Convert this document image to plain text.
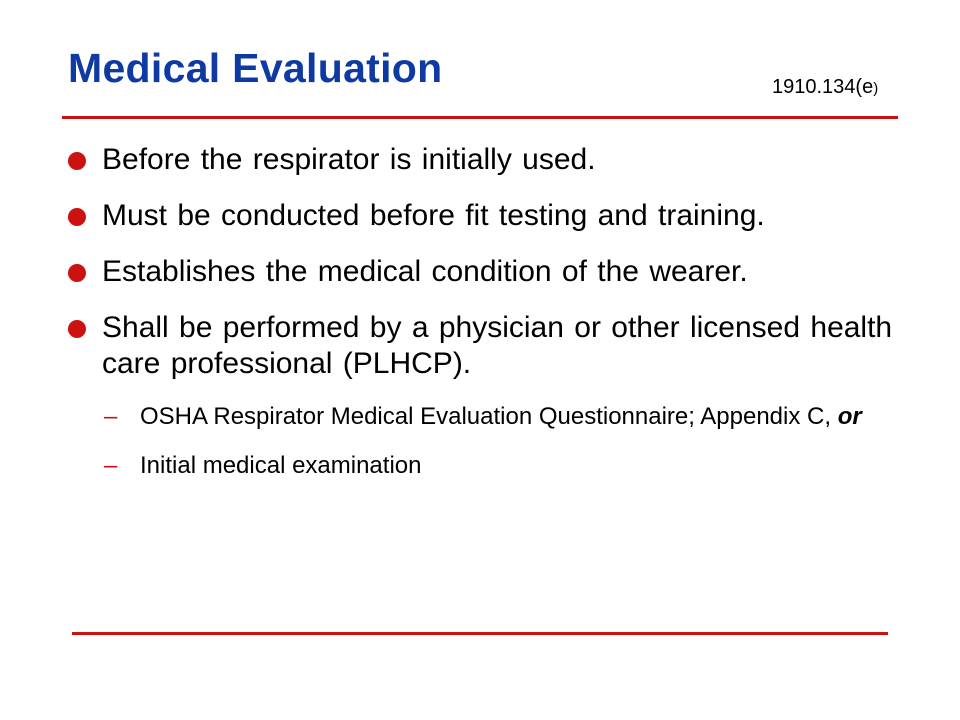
Medical Evaluation	1910.134(e)
Before the respirator is initially used.
Must be conducted before fit testing and training.
Establishes the medical condition of the wearer.
Shall be performed by a physician or other licensed health care professional (PLHCP).
– OSHA Respirator Medical Evaluation Questionnaire; Appendix C, or
– Initial medical examination
